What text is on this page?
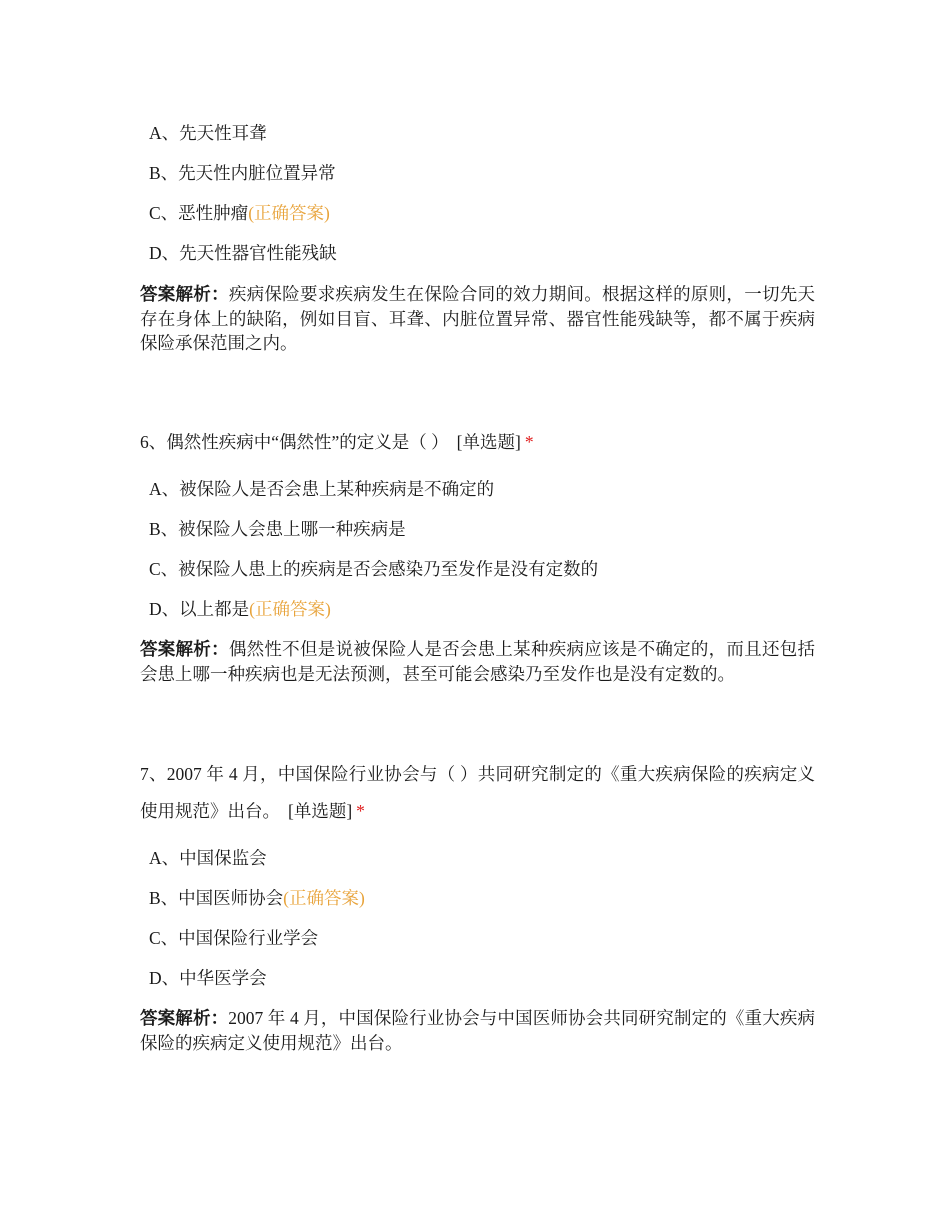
A、先天性耳聋
B、先天性内脏位置异常
C、恶性肿瘤(正确答案)
D、先天性器官性能残缺
答案解析：疾病保险要求疾病发生在保险合同的效力期间。根据这样的原则，一切先天存在身体上的缺陷，例如目盲、耳聋、内脏位置异常、器官性能残缺等，都不属于疾病保险承保范围之内。
6、偶然性疾病中“偶然性”的定义是（ ） [单选题] *
A、被保险人是否会患上某种疾病是不确定的
B、被保险人会患上哪一种疾病是
C、被保险人患上的疾病是否会感染乃至发作是没有定数的
D、以上都是(正确答案)
答案解析：偶然性不但是说被保险人是否会患上某种疾病应该是不确定的，而且还包括会患上哪一种疾病也是无法预测，甚至可能会感染乃至发作也是没有定数的。
7、2007 年 4 月，中国保险行业协会与（ ）共同研究制定的《重大疾病保险的疾病定义使用规范》出台。 [单选题] *
A、中国保监会
B、中国医师协会(正确答案)
C、中国保险行业学会
D、中华医学会
答案解析：2007 年 4 月，中国保险行业协会与中国医师协会共同研究制定的《重大疾病保险的疾病定义使用规范》出台。
